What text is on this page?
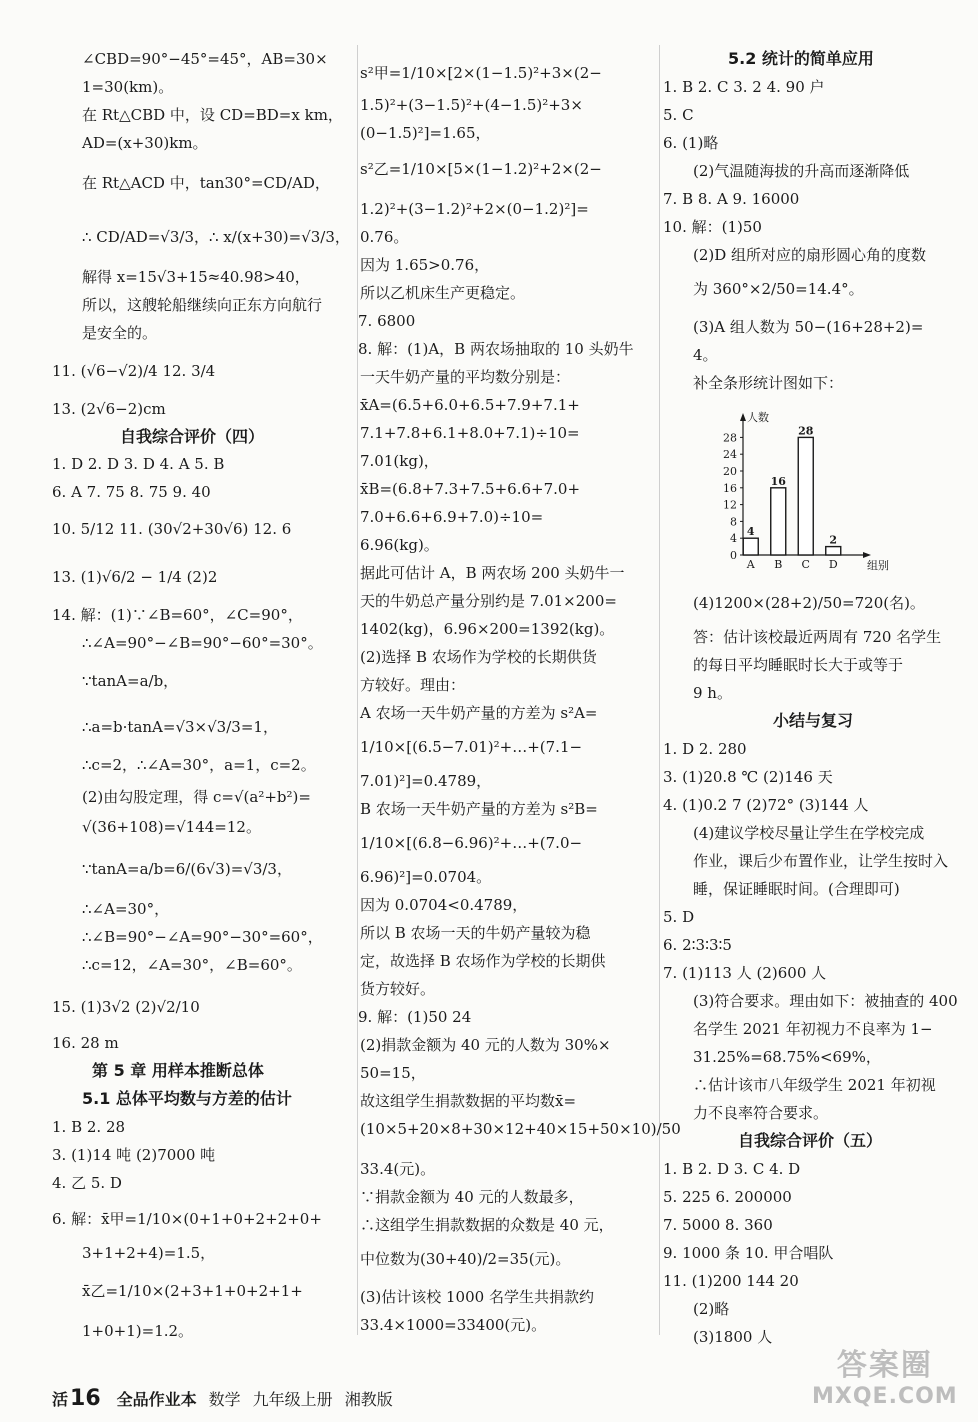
∠CBD=90°−45°=45°，AB=30×
1=30(km)。
在 Rt△CBD 中，设 CD=BD=x km，
AD=(x+30)km。
在 Rt△ACD 中，tan30°=CD/AD，
∴ CD/AD=√3/3，∴ x/(x+30)=√3/3，
解得 x=15√3+15≈40.98>40，
所以，这艘轮船继续向正东方向航行
是安全的。
11. (√6−√2)/4 12. 3/4
13. (2√6−2)cm
自我综合评价（四）
1. D 2. D 3. D 4. A 5. B
6. A 7. 75 8. 75 9. 40
10. 5/12 11. (30√2+30√6) 12. 6
13. (1)√6/2 − 1/4 (2)2
14. 解：(1)∵∠B=60°，∠C=90°，
∴∠A=90°−∠B=90°−60°=30°。
∵tanA=a/b，
∴a=b·tanA=√3×√3/3=1，
∴c=2，∴∠A=30°，a=1，c=2。
(2)由勾股定理，得 c=√(a²+b²)=
√(36+108)=√144=12。
∵tanA=a/b=6/(6√3)=√3/3，
∴∠A=30°，
∴∠B=90°−∠A=90°−30°=60°，
∴c=12，∠A=30°，∠B=60°。
15. (1)3√2 (2)√2/10
16. 28 m
第 5 章 用样本推断总体
5.1 总体平均数与方差的估计
1. B 2. 28
3. (1)14 吨 (2)7000 吨
4. 乙 5. D
6. 解：x̄甲=1/10×(0+1+0+2+2+0+
3+1+2+4)=1.5，
x̄乙=1/10×(2+3+1+0+2+1+
1+0+1)=1.2。
s²甲=1/10×[2×(1−1.5)²+3×(2−
1.5)²+(3−1.5)²+(4−1.5)²+3×
(0−1.5)²]=1.65，
s²乙=1/10×[5×(1−1.2)²+2×(2−
1.2)²+(3−1.2)²+2×(0−1.2)²]=
0.76。
因为 1.65>0.76，
所以乙机床生产更稳定。
7. 6800
8. 解：(1)A，B 两农场抽取的 10 头奶牛
一天牛奶产量的平均数分别是：
x̄A=(6.5+6.0+6.5+7.9+7.1+
7.1+7.8+6.1+8.0+7.1)÷10=
7.01(kg)，
x̄B=(6.8+7.3+7.5+6.6+7.0+
7.0+6.6+6.9+7.0)÷10=
6.96(kg)。
据此可估计 A，B 两农场 200 头奶牛一
天的牛奶总产量分别约是 7.01×200=
1402(kg)，6.96×200=1392(kg)。
(2)选择 B 农场作为学校的长期供货
方较好。理由：
A 农场一天牛奶产量的方差为 s²A=
1/10×[(6.5−7.01)²+…+(7.1−
7.01)²]=0.4789，
B 农场一天牛奶产量的方差为 s²B=
1/10×[(6.8−6.96)²+…+(7.0−
6.96)²]=0.0704。
因为 0.0704<0.4789，
所以 B 农场一天的牛奶产量较为稳
定，故选择 B 农场作为学校的长期供
货方较好。
9. 解：(1)50 24
(2)捐款金额为 40 元的人数为 30%×
50=15，
故这组学生捐款数据的平均数x̄=
(10×5+20×8+30×12+40×15+50×10)/50
33.4(元)。
∵捐款金额为 40 元的人数最多，
∴这组学生捐款数据的众数是 40 元，
中位数为(30+40)/2=35(元)。
(3)估计该校 1000 名学生共捐款约
33.4×1000=33400(元)。
0
4
8
12
16
20
24
28
人数
组别
4
A
16
B
28
C
2
D
5.2 统计的简单应用
1. B 2. C 3. 2 4. 90 户
5. C
6. (1)略
(2)气温随海拔的升高而逐渐降低
7. B 8. A 9. 16000
10. 解：(1)50
(2)D 组所对应的扇形圆心角的度数
为 360°×2/50=14.4°。
(3)A 组人数为 50−(16+28+2)=
4。
补全条形统计图如下：
(4)1200×(28+2)/50=720(名)。
答：估计该校最近两周有 720 名学生
的每日平均睡眠时长大于或等于
9 h。
小结与复习
1. D 2. 280
3. (1)20.8 ℃ (2)146 天
4. (1)0.2 7 (2)72° (3)144 人
(4)建议学校尽量让学生在学校完成
作业，课后少布置作业，让学生按时入
睡，保证睡眠时间。(合理即可)
5. D
6. 2∶3∶3∶5
7. (1)113 人 (2)600 人
(3)符合要求。理由如下：被抽查的 400
名学生 2021 年初视力不良率为 1−
31.25%=68.75%<69%，
∴估计该市八年级学生 2021 年初视
力不良率符合要求。
自我综合评价（五）
1. B 2. D 3. C 4. D
5. 225 6. 200000
7. 5000 8. 360
9. 1000 条 10. 甲合唱队
11. (1)200 144 20
(2)略
(3)1800 人
活16 全品作业本 数学 九年级上册 湘教版
答案圈
MXQE.COM
